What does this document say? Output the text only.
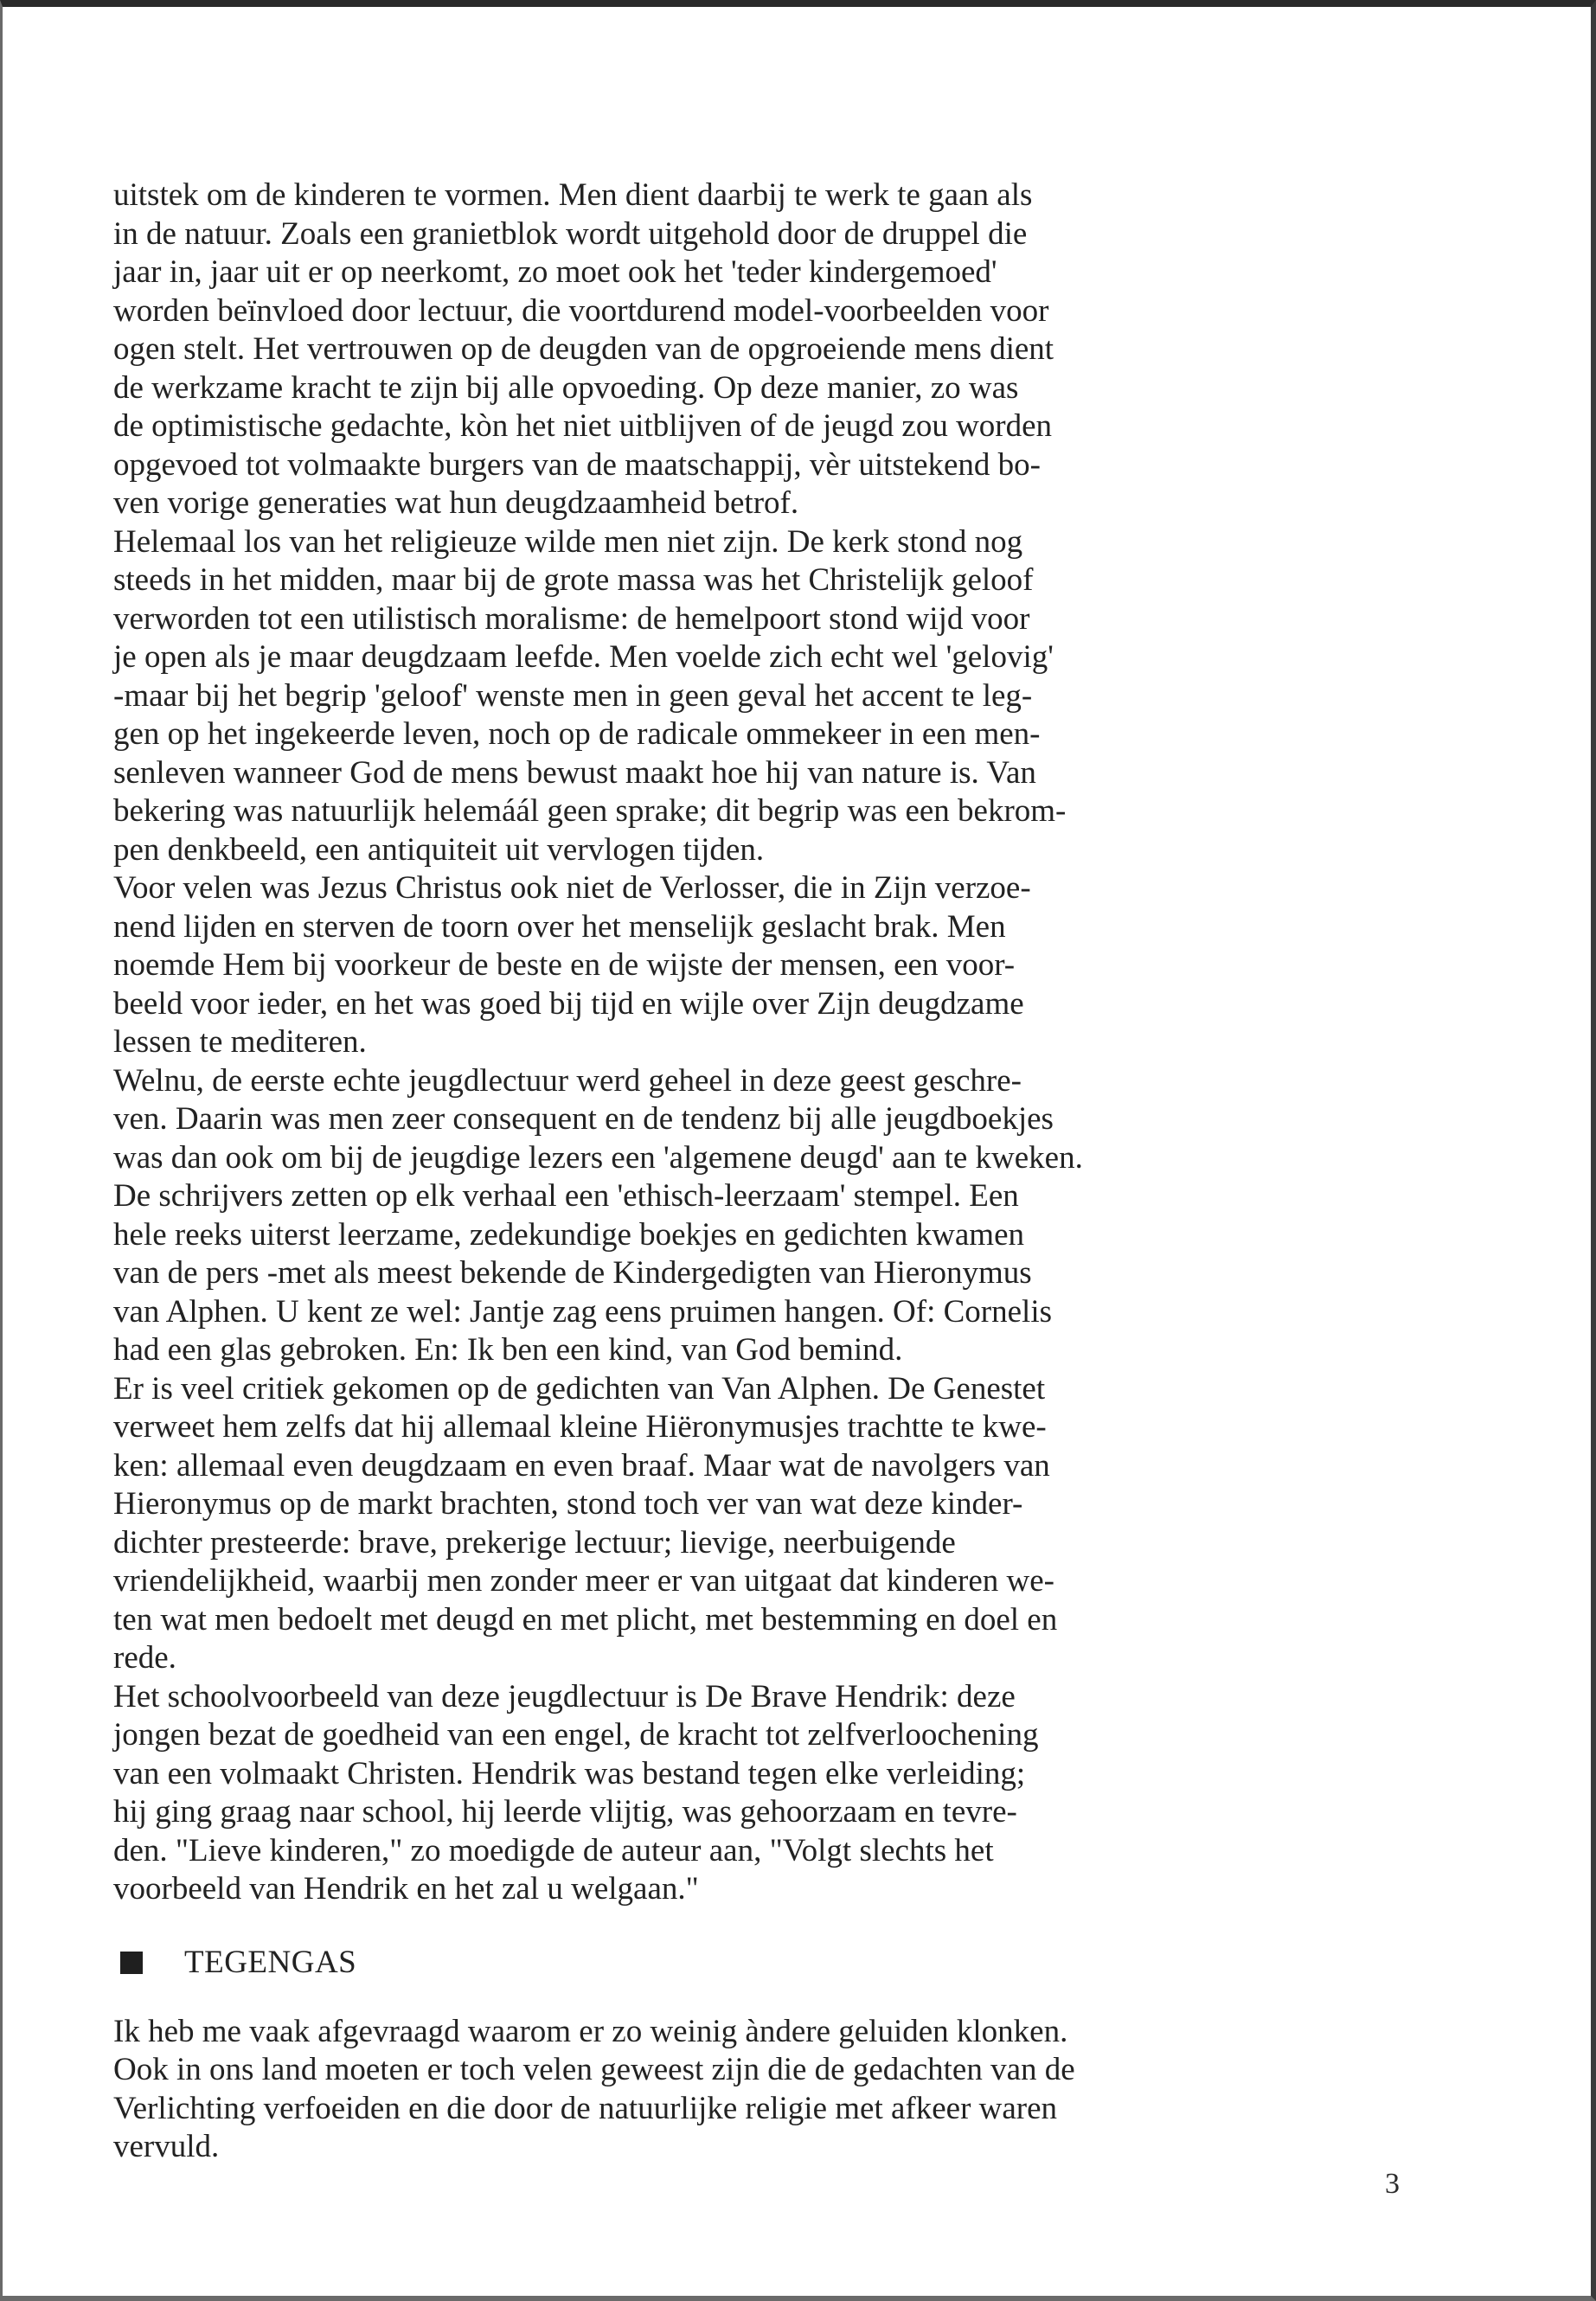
uitstek om de kinderen te vormen. Men dient daarbij te werk te gaan als
in de natuur. Zoals een granietblok wordt uitgehold door de druppel die
jaar in, jaar uit er op neerkomt, zo moet ook het 'teder kindergemoed'
worden beïnvloed door lectuur, die voortdurend model-voorbeelden voor
ogen stelt. Het vertrouwen op de deugden van de opgroeiende mens dient
de werkzame kracht te zijn bij alle opvoeding. Op deze manier, zo was
de optimistische gedachte, kòn het niet uitblijven of de jeugd zou worden
opgevoed tot volmaakte burgers van de maatschappij, vèr uitstekend bo-
ven vorige generaties wat hun deugdzaamheid betrof.

Helemaal los van het religieuze wilde men niet zijn. De kerk stond nog
steeds in het midden, maar bij de grote massa was het Christelijk geloof
verworden tot een utilistisch moralisme: de hemelpoort stond wijd voor
je open als je maar deugdzaam leefde. Men voelde zich echt wel 'gelovig'
-maar bij het begrip 'geloof' wenste men in geen geval het accent te leg-
gen op het ingekeerde leven, noch op de radicale ommekeer in een men-
senleven wanneer God de mens bewust maakt hoe hij van nature is. Van
bekering was natuurlijk helemáál geen sprake; dit begrip was een bekrom-
pen denkbeeld, een antiquiteit uit vervlogen tijden.

Voor velen was Jezus Christus ook niet de Verlosser, die in Zijn verzoe-
nend lijden en sterven de toorn over het menselijk geslacht brak. Men
noemde Hem bij voorkeur de beste en de wijste der mensen, een voor-
beeld voor ieder, en het was goed bij tijd en wijle over Zijn deugdzame
lessen te mediteren.

Welnu, de eerste echte jeugdlectuur werd geheel in deze geest geschre-
ven. Daarin was men zeer consequent en de tendenz bij alle jeugdboekjes
was dan ook om bij de jeugdige lezers een 'algemene deugd' aan te kweken.
De schrijvers zetten op elk verhaal een 'ethisch-leerzaam' stempel. Een
hele reeks uiterst leerzame, zedekundige boekjes en gedichten kwamen
van de pers -met als meest bekende de Kindergedigten van Hieronymus
van Alphen. U kent ze wel: Jantje zag eens pruimen hangen. Of: Cornelis
had een glas gebroken. En: Ik ben een kind, van God bemind.

Er is veel critiek gekomen op de gedichten van Van Alphen. De Genestet
verweet hem zelfs dat hij allemaal kleine Hiëronymusjes trachtte te kwe-
ken: allemaal even deugdzaam en even braaf. Maar wat de navolgers van
Hieronymus op de markt brachten, stond toch ver van wat deze kinder-
dichter presteerde: brave, prekerige lectuur; lievige, neerbuigende
vriendelijkheid, waarbij men zonder meer er van uitgaat dat kinderen we-
ten wat men bedoelt met deugd en met plicht, met bestemming en doel en
rede.

Het schoolvoorbeeld van deze jeugdlectuur is De Brave Hendrik: deze
jongen bezat de goedheid van een engel, de kracht tot zelfverloochening
van een volmaakt Christen. Hendrik was bestand tegen elke verleiding;
hij ging graag naar school, hij leerde vlijtig, was gehoorzaam en tevre-
den. "Lieve kinderen," zo moedigde de auteur aan, "Volgt slechts het
voorbeeld van Hendrik en het zal u welgaan."

TEGENGAS

Ik heb me vaak afgevraagd waarom er zo weinig àndere geluiden klonken.
Ook in ons land moeten er toch velen geweest zijn die de gedachten van de
Verlichting verfoeiden en die door de natuurlijke religie met afkeer waren
vervuld.

3
